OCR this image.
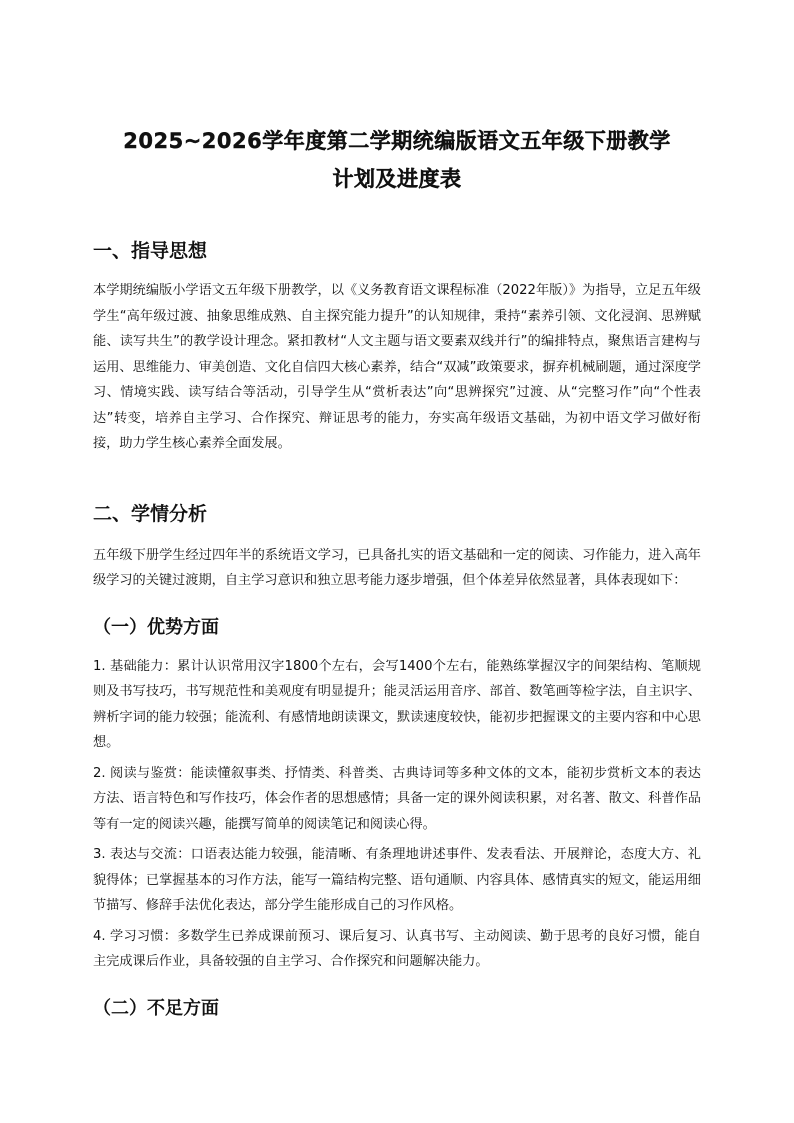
2025~2026学年度第二学期统编版语文五年级下册教学
计划及进度表
一、指导思想

本学期统编版小学语文五年级下册教学，以《义务教育语文课程标准（2022年版）》为指导，立足五年级学生“高年级过渡、抽象思维成熟、自主探究能力提升”的认知规律，秉持“素养引领、文化浸润、思辨赋能、读写共生”的教学设计理念。紧扣教材“人文主题与语文要素双线并行”的编排特点，聚焦语言建构与运用、思维能力、审美创造、文化自信四大核心素养，结合“双减”政策要求，摒弃机械刷题，通过深度学习、情境实践、读写结合等活动，引导学生从“赏析表达”向“思辨探究”过渡、从“完整习作”向“个性表达”转变，培养自主学习、合作探究、辩证思考的能力，夯实高年级语文基础，为初中语文学习做好衔接，助力学生核心素养全面发展。

二、学情分析

五年级下册学生经过四年半的系统语文学习，已具备扎实的语文基础和一定的阅读、习作能力，进入高年级学习的关键过渡期，自主学习意识和独立思考能力逐步增强，但个体差异依然显著，具体表现如下：

（一）优势方面

1. 基础能力：累计认识常用汉字1800个左右，会写1400个左右，能熟练掌握汉字的间架结构、笔顺规则及书写技巧，书写规范性和美观度有明显提升；能灵活运用音序、部首、数笔画等检字法，自主识字、辨析字词的能力较强；能流利、有感情地朗读课文，默读速度较快，能初步把握课文的主要内容和中心思想。

2. 阅读与鉴赏：能读懂叙事类、抒情类、科普类、古典诗词等多种文体的文本，能初步赏析文本的表达方法、语言特色和写作技巧，体会作者的思想感情；具备一定的课外阅读积累，对名著、散文、科普作品等有一定的阅读兴趣，能撰写简单的阅读笔记和阅读心得。

3. 表达与交流：口语表达能力较强，能清晰、有条理地讲述事件、发表看法、开展辩论，态度大方、礼貌得体；已掌握基本的习作方法，能写一篇结构完整、语句通顺、内容具体、感情真实的短文，能运用细节描写、修辞手法优化表达，部分学生能形成自己的习作风格。

4. 学习习惯：多数学生已养成课前预习、课后复习、认真书写、主动阅读、勤于思考的良好习惯，能自主完成课后作业，具备较强的自主学习、合作探究和问题解决能力。

（二）不足方面
